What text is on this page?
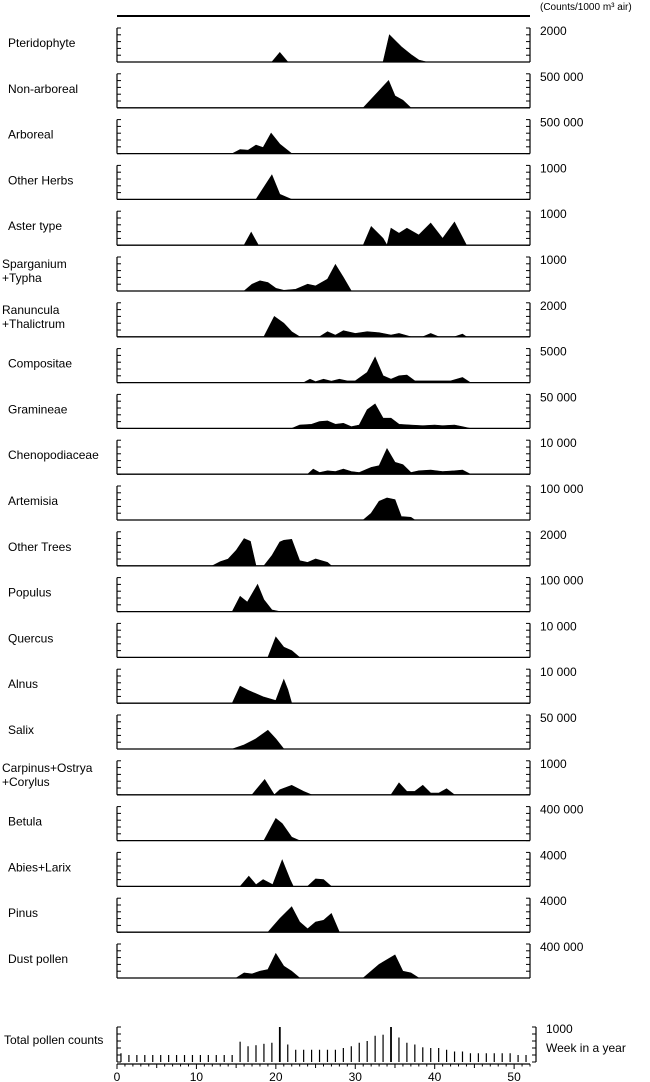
(Counts/1000 m³ air)
Pteridophyte
2000
Non-arboreal
500 000
Arboreal
500 000
Other Herbs
1000
Aster type
1000
Sparganium +Typha
1000
Ranuncula +Thalictrum
2000
Compositae
5000
Gramineae
50 000
Chenopodiaceae
10 000
Artemisia
100 000
Other Trees
2000
Populus
100 000
Quercus
10 000
Alnus
10 000
Salix
50 000
Carpinus+Ostrya +Corylus
1000
Betula
400 000
Abies+Larix
4000
Pinus
4000
Dust pollen
400 000
Total pollen counts
1000
Week in a year
0	10	20	30	40	50
